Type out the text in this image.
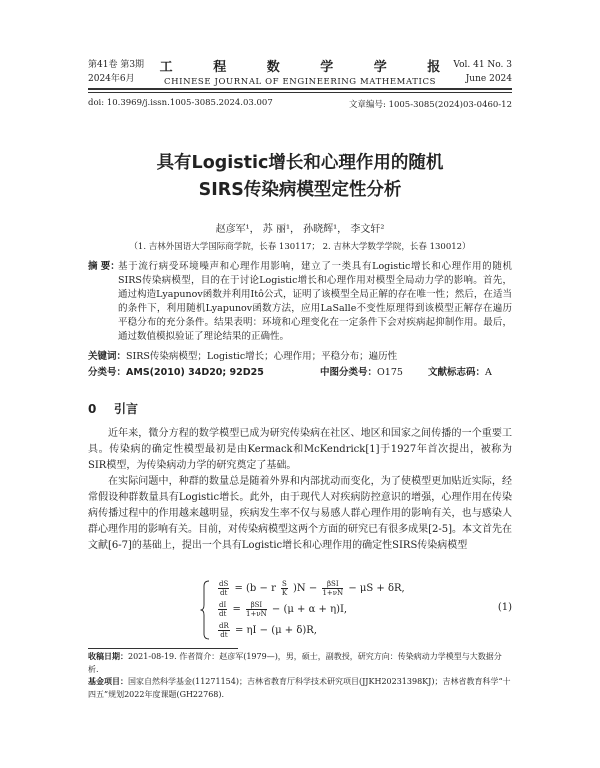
第41卷 第3期
2024年6月
工 程 数 学 学 报
CHINESE JOURNAL OF ENGINEERING MATHEMATICS
Vol. 41 No. 3
June 2024
doi: 10.3969/j.issn.1005-3085.2024.03.007	文章编号: 1005-3085(2024)03-0460-12
具有Logistic增长和心理作用的随机
SIRS传染病模型定性分析
赵彦军¹， 苏 丽¹， 孙晓辉¹， 李文轩²
（1. 吉林外国语大学国际商学院，长春 130117； 2. 吉林大学数学学院，长春 130012）
摘 要：
基于流行病受环境噪声和心理作用影响，建立了一类具有Logistic增长和心理作用的随机SIRS传染病模型，目的在于讨论Logistic增长和心理作用对模型全局动力学的影响。首先，通过构造Lyapunov函数并利用Itô公式，证明了该模型全局正解的存在唯一性；然后，在适当的条件下，利用随机Lyapunov函数方法，应用LaSalle不变性原理得到该模型正解存在遍历平稳分布的充分条件。结果表明：环境和心理变化在一定条件下会对疾病起抑制作用。最后，通过数值模拟验证了理论结果的正确性。
关键词：SIRS传染病模型；Logistic增长；心理作用；平稳分布；遍历性
分类号：AMS(2010) 34D20; 92D25	中图分类号：O175	文献标志码：A
0 引言

近年来，微分方程的数学模型已成为研究传染病在社区、地区和国家之间传播的一个重要工具。传染病的确定性模型最初是由Kermack和McKendrick[1]于1927年首次提出，被称为SIR模型，为传染病动力学的研究奠定了基础。

在实际问题中，种群的数量总是随着外界和内部扰动而变化，为了使模型更加贴近实际，经常假设种群数量具有Logistic增长。此外，由于现代人对疾病防控意识的增强，心理作用在传染病传播过程中的作用越来越明显，疾病发生率不仅与易感人群心理作用的影响有关，也与感染人群心理作用的影响有关。目前，对传染病模型这两个方面的研究已有很多成果[2-5]。本文首先在文献[6-7]的基础上，提出一个具有Logistic增长和心理作用的确定性SIRS传染病模型

$\frac{dS}{dt} = (b - r \frac{S}{K} )N - \frac{\text{βSI}}{1+\nu N} - \mu S + \delta R$,
$\frac{dI}{dt} = \frac{\text{βSI}}{1+\nu N} - (\mu + \alpha + \eta)I$,
$\frac{dR}{dt} = \eta I - (\mu + \delta)R$,
(1)
收稿日期：2021-08-19. 作者简介：赵彦军(1979—)，男，硕士，副教授，研究方向：传染病动力学模型与大数据分析.
基金项目：国家自然科学基金(11271154)；吉林省教育厅科学技术研究项目(JJKH20231398KJ)；吉林省教育科学“十四五”规划2022年度课题(GH22768).
